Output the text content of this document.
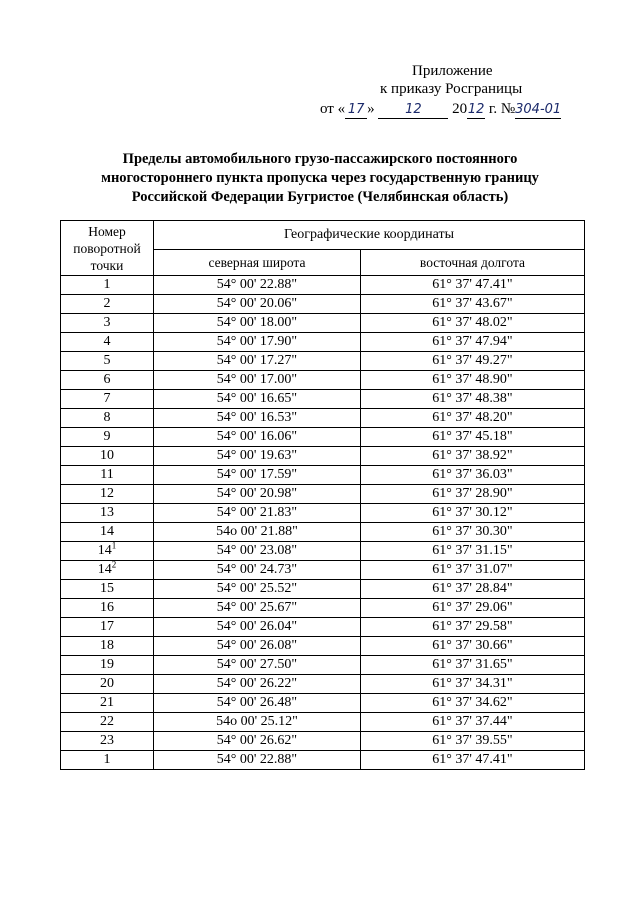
Приложение
к приказу Росграницы
от « 17 » 12 2012 г. №304-01
Пределы автомобильного грузо-пассажирского постоянного
многостороннего пункта пропуска через государственную границу
Российской Федерации Бугристое (Челябинская область)
Номер поворотной точки	Географические координаты	
	северная широта	восточная долгота
1	54° 00' 22.88"	61° 37' 47.41"
2	54° 00' 20.06"	61° 37' 43.67"
3	54° 00' 18.00"	61° 37' 48.02"
4	54° 00' 17.90"	61° 37' 47.94"
5	54° 00' 17.27"	61° 37' 49.27"
6	54° 00' 17.00"	61° 37' 48.90"
7	54° 00' 16.65"	61° 37' 48.38"
8	54° 00' 16.53"	61° 37' 48.20"
9	54° 00' 16.06"	61° 37' 45.18"
10	54° 00' 19.63"	61° 37' 38.92"
11	54° 00' 17.59"	61° 37' 36.03"
12	54° 00' 20.98"	61° 37' 28.90"
13	54° 00' 21.83"	61° 37' 30.12"
14	54o 00' 21.88"	61° 37' 30.30"
$14^1$	54° 00' 23.08"	61° 37' 31.15"
$14^2$	54° 00' 24.73"	61° 37' 31.07"
15	54° 00' 25.52"	61° 37' 28.84"
16	54° 00' 25.67"	61° 37' 29.06"
17	54° 00' 26.04"	61° 37' 29.58"
18	54° 00' 26.08"	61° 37' 30.66"
19	54° 00' 27.50"	61° 37' 31.65"
20	54° 00' 26.22"	61° 37' 34.31"
21	54° 00' 26.48"	61° 37' 34.62"
22	54o 00' 25.12"	61° 37' 37.44"
23	54° 00' 26.62"	61° 37' 39.55"
1	54° 00' 22.88"	61° 37' 47.41"
